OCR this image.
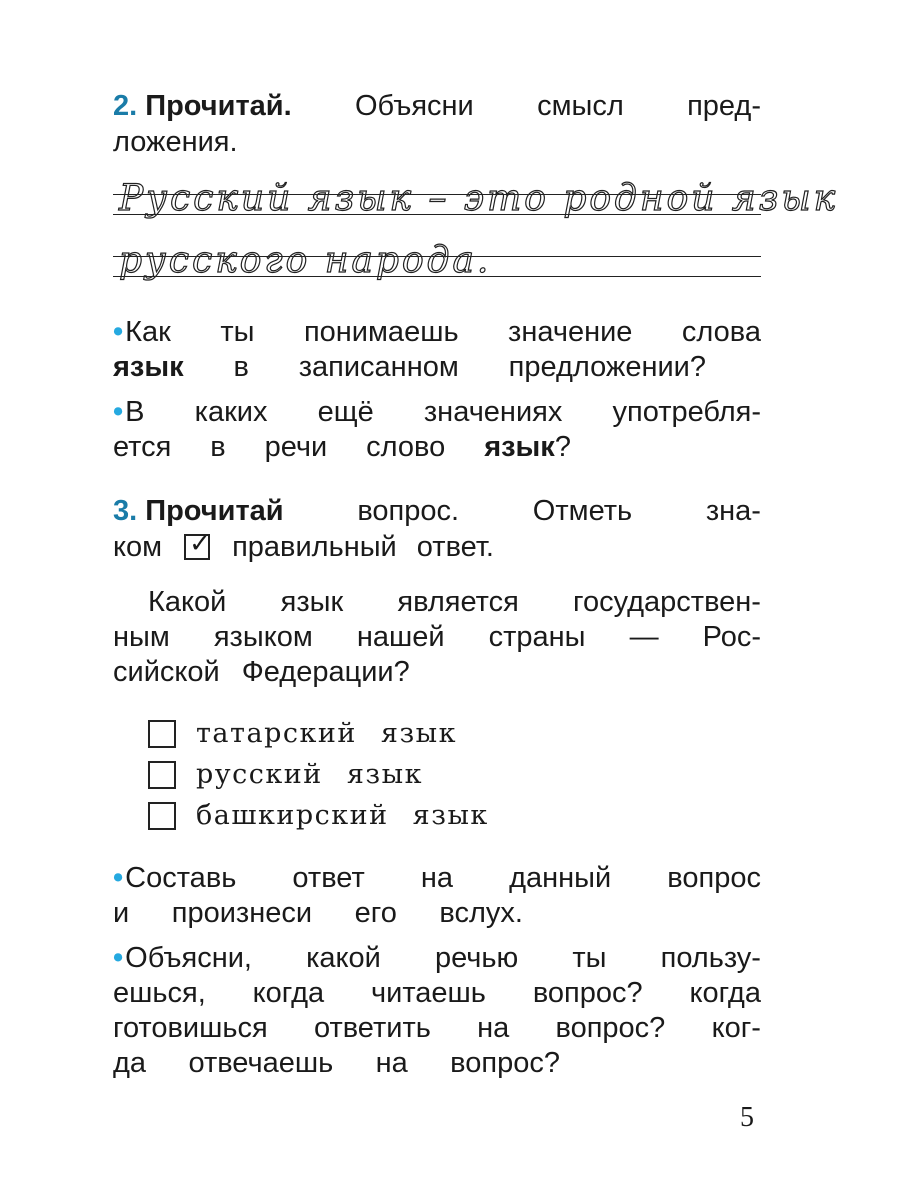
2. Прочитай. Объясни смысл пред-
ложения.
Русский язык – это родной язык
русского народа.
•Как ты понимаешь значение слова
язык в записанном предложении?
•В каких ещё значениях употребля-
ется в речи слово язык?
3. Прочитай	вопрос.	Отметь	зна-
ком ✓ правильный ответ.
Какой язык является государствен-
ным языком нашей страны — Рос-
сийской Федерации?
татарский язык
русский язык
башкирский язык
•Составь ответ на данный вопрос
и произнеси его вслух.
•Объясни, какой речью ты пользу-
ешься, когда читаешь вопрос? когда
готовишься ответить на вопрос? ког-
да отвечаешь на вопрос?
5
